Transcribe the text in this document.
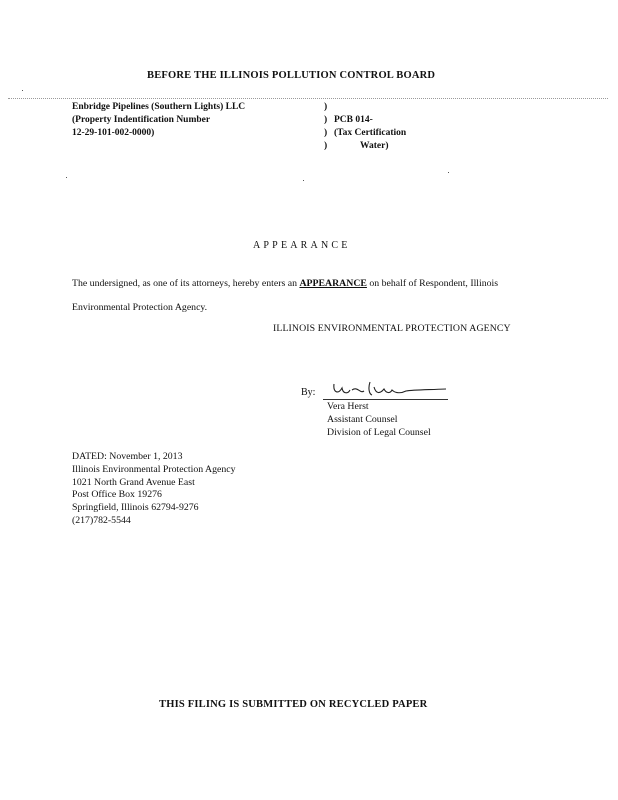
BEFORE THE ILLINOIS POLLUTION CONTROL BOARD
Enbridge Pipelines (Southern Lights) LLC
(Property Indentification Number
12-29-101-002-0000)
)
)
)
)
PCB 014-
(Tax Certification
Water)
APPEARANCE
The undersigned, as one of its attorneys, hereby enters an APPEARANCE on behalf of Respondent, Illinois Environmental Protection Agency.
ILLINOIS ENVIRONMENTAL PROTECTION AGENCY
By:
Vera Herst
Assistant Counsel
Division of Legal Counsel
DATED: November 1, 2013
Illinois Environmental Protection Agency
1021 North Grand Avenue East
Post Office Box 19276
Springfield, Illinois 62794-9276
(217)782-5544
THIS FILING IS SUBMITTED ON RECYCLED PAPER
